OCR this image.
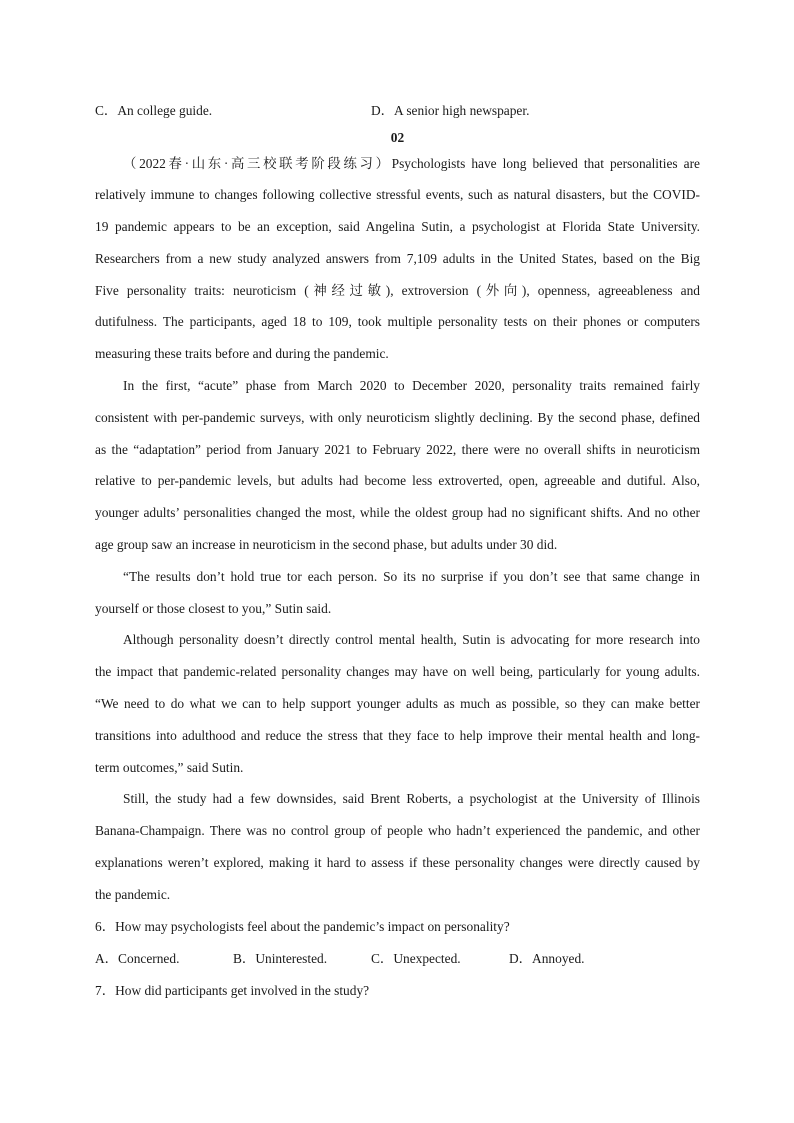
C．An college guide.	D．A senior high newspaper.
02
（2022春·山东·高三校联考阶段练习）Psychologists have long believed that personalities are
relatively immune to changes following collective stressful events, such as natural disasters, but the COVID-
19 pandemic appears to be an exception, said Angelina Sutin, a psychologist at Florida State University.
Researchers from a new study analyzed answers from 7,109 adults in the United States, based on the Big
Five personality traits: neuroticism (神经过敏), extroversion (外向), openness, agreeableness and
dutifulness. The participants, aged 18 to 109, took multiple personality tests on their phones or computers
measuring these traits before and during the pandemic.
In the first, “acute” phase from March 2020 to December 2020, personality traits remained fairly
consistent with per-pandemic surveys, with only neuroticism slightly declining. By the second phase, defined
as the “adaptation” period from January 2021 to February 2022, there were no overall shifts in neuroticism
relative to per-pandemic levels, but adults had become less extroverted, open, agreeable and dutiful. Also,
younger adults’ personalities changed the most, while the oldest group had no significant shifts. And no other
age group saw an increase in neuroticism in the second phase, but adults under 30 did.
“The results don’t hold true tor each person. So its no surprise if you don’t see that same change in
yourself or those closest to you,” Sutin said.
Although personality doesn’t directly control mental health, Sutin is advocating for more research into
the impact that pandemic-related personality changes may have on well being, particularly for young adults.
“We need to do what we can to help support younger adults as much as possible, so they can make better
transitions into adulthood and reduce the stress that they face to help improve their mental health and long-
term outcomes,” said Sutin.
Still, the study had a few downsides, said Brent Roberts, a psychologist at the University of Illinois
Banana-Champaign. There was no control group of people who hadn’t experienced the pandemic, and other
explanations weren’t explored, making it hard to assess if these personality changes were directly caused by
the pandemic.
6．How may psychologists feel about the pandemic’s impact on personality?
A．Concerned.	B．Uninterested.	C．Unexpected.	D．Annoyed.
7．How did participants get involved in the study?
